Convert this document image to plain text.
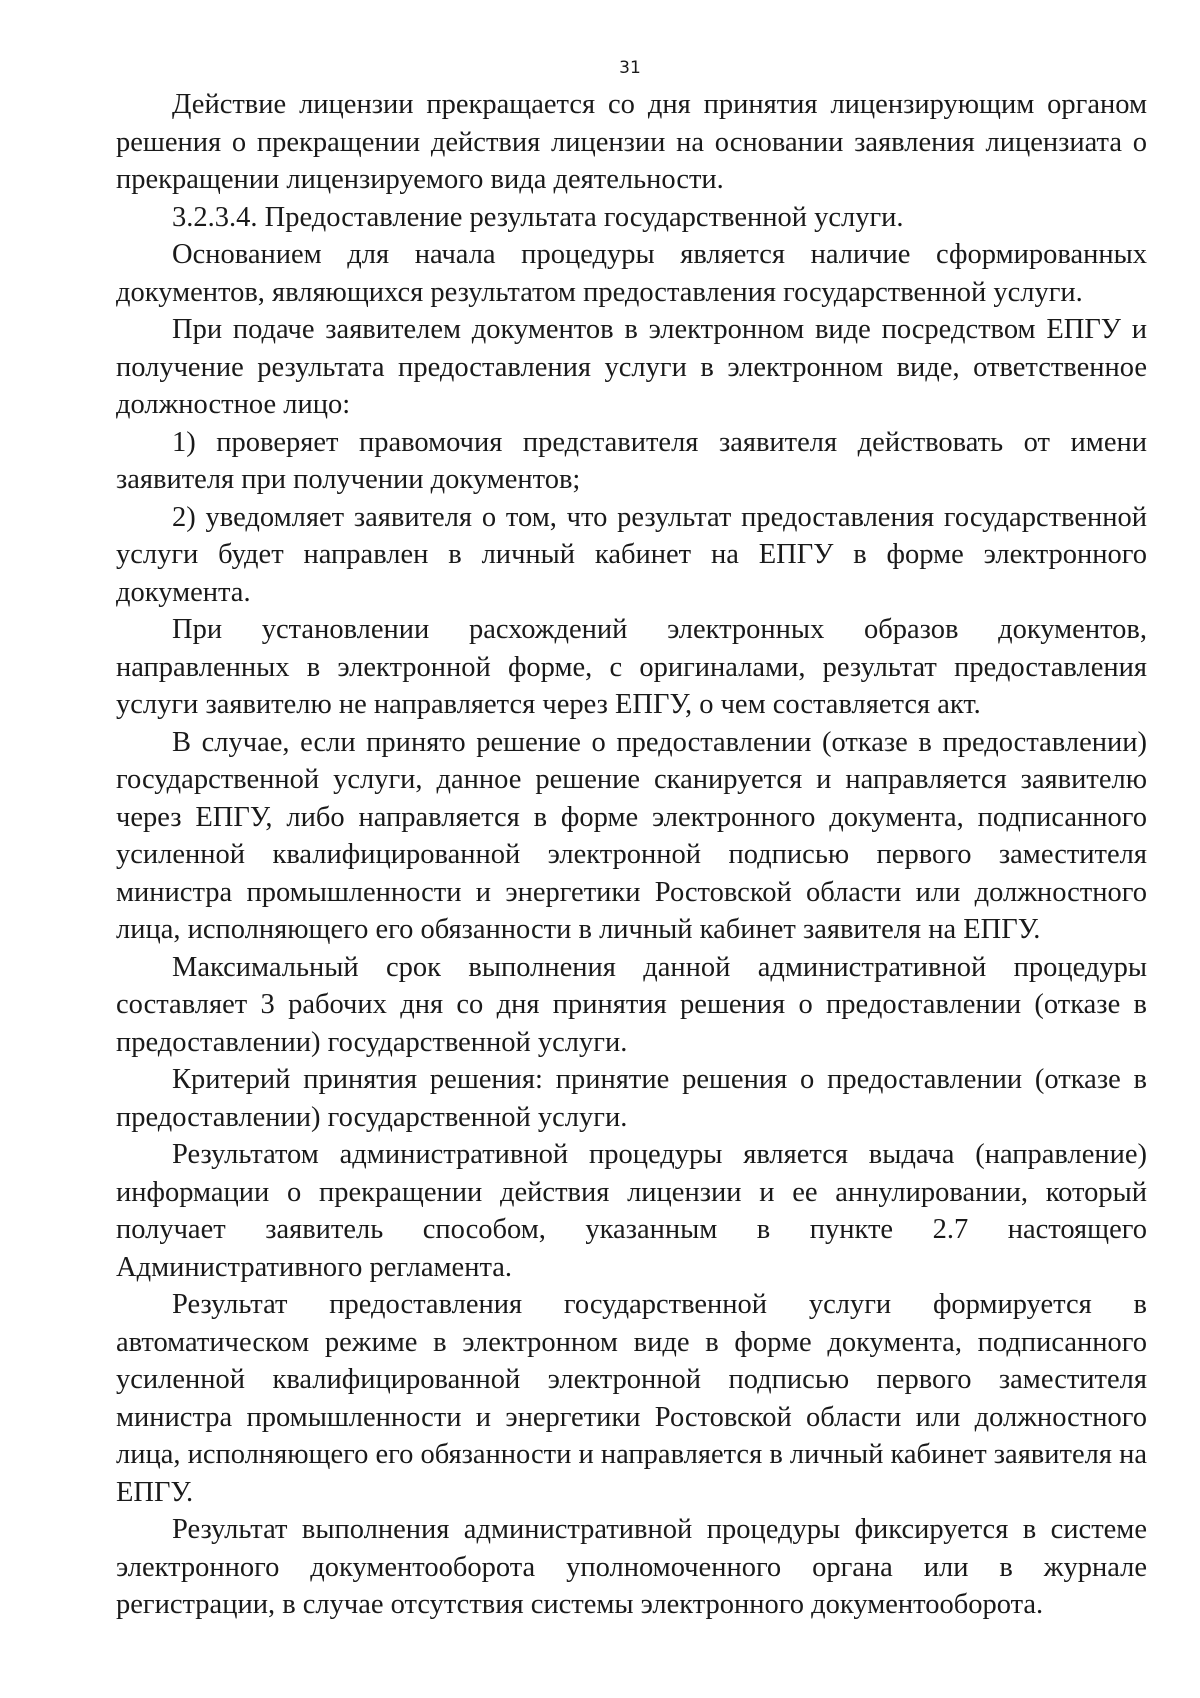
31

Действие лицензии прекращается со дня принятия лицензирующим органом решения о прекращении действия лицензии на основании заявления лицензиата о прекращении лицензируемого вида деятельности.

3.2.3.4. Предоставление результата государственной услуги.

Основанием для начала процедуры является наличие сформированных документов, являющихся результатом предоставления государственной услуги.

При подаче заявителем документов в электронном виде посредством ЕПГУ и получение результата предоставления услуги в электронном виде, ответственное должностное лицо:

1) проверяет правомочия представителя заявителя действовать от имени заявителя при получении документов;

2) уведомляет заявителя о том, что результат предоставления государственной услуги будет направлен в личный кабинет на ЕПГУ в форме электронного документа.

При установлении расхождений электронных образов документов, направленных в электронной форме, с оригиналами, результат предоставления услуги заявителю не направляется через ЕПГУ, о чем составляется акт.

В случае, если принято решение о предоставлении (отказе в предоставлении) государственной услуги, данное решение сканируется и направляется заявителю через ЕПГУ, либо направляется в форме электронного документа, подписанного усиленной квалифицированной электронной подписью первого заместителя министра промышленности и энергетики Ростовской области или должностного лица, исполняющего его обязанности в личный кабинет заявителя на ЕПГУ.

Максимальный срок выполнения данной административной процедуры составляет 3 рабочих дня со дня принятия решения о предоставлении (отказе в предоставлении) государственной услуги.

Критерий принятия решения: принятие решения о предоставлении (отказе в предоставлении) государственной услуги.

Результатом административной процедуры является выдача (направление) информации о прекращении действия лицензии и ее аннулировании, который получает заявитель способом, указанным в пункте 2.7 настоящего Административного регламента.

Результат предоставления государственной услуги формируется в автоматическом режиме в электронном виде в форме документа, подписанного усиленной квалифицированной электронной подписью первого заместителя министра промышленности и энергетики Ростовской области или должностного лица, исполняющего его обязанности и направляется в личный кабинет заявителя на ЕПГУ.

Результат выполнения административной процедуры фиксируется в системе электронного документооборота уполномоченного органа или в журнале регистрации, в случае отсутствия системы электронного документооборота.
